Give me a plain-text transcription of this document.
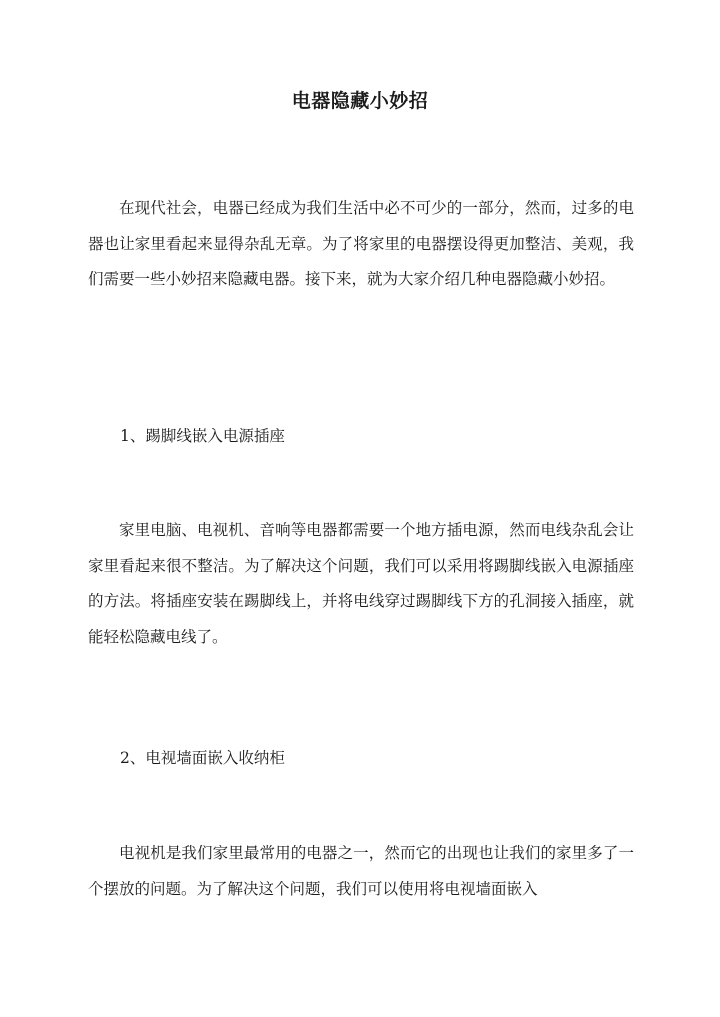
电器隐藏小妙招

在现代社会，电器已经成为我们生活中必不可少的一部分，然而，过多的电器也让家里看起来显得杂乱无章。为了将家里的电器摆设得更加整洁、美观，我们需要一些小妙招来隐藏电器。接下来，就为大家介绍几种电器隐藏小妙招。

1、踢脚线嵌入电源插座

家里电脑、电视机、音响等电器都需要一个地方插电源，然而电线杂乱会让家里看起来很不整洁。为了解决这个问题，我们可以采用将踢脚线嵌入电源插座的方法。将插座安装在踢脚线上，并将电线穿过踢脚线下方的孔洞接入插座，就能轻松隐藏电线了。

2、电视墙面嵌入收纳柜

电视机是我们家里最常用的电器之一，然而它的出现也让我们的家里多了一个摆放的问题。为了解决这个问题，我们可以使用将电视墙面嵌入
